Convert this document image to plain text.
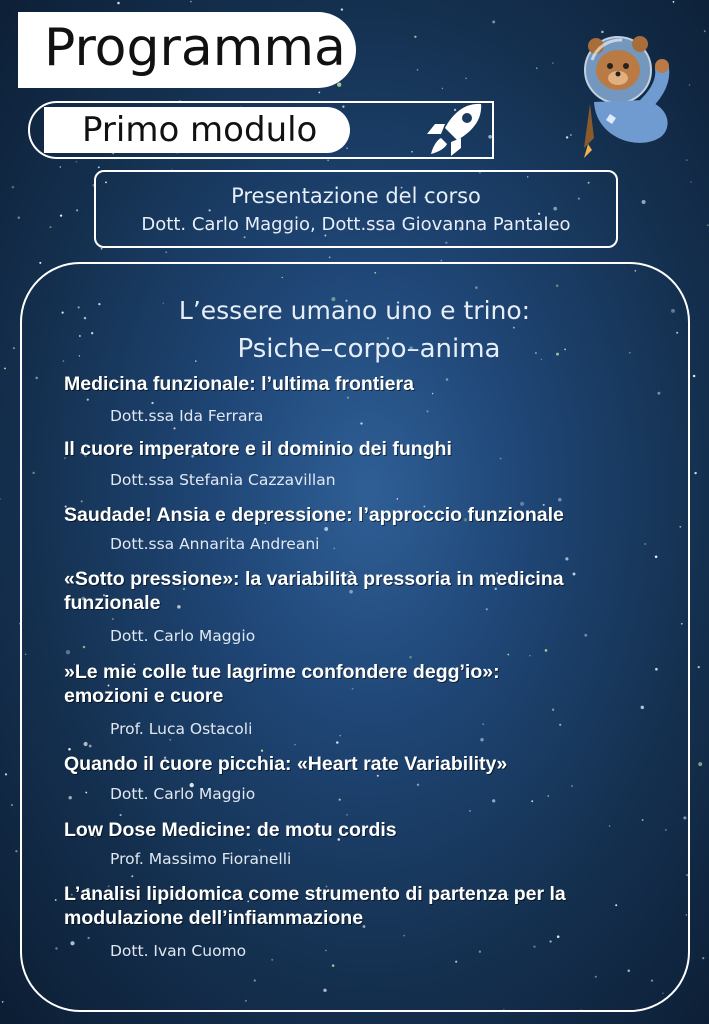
Programma
Primo modulo
Presentazione del corso
Dott. Carlo Maggio, Dott.ssa Giovanna Pantaleo
L’essere umano uno e trino:
Psiche–corpo–anima
Medicina funzionale: l’ultima frontiera
Dott.ssa Ida Ferrara
Il cuore imperatore e il dominio dei funghi
Dott.ssa Stefania Cazzavillan
Saudade! Ansia e depressione: l’approccio funzionale
Dott.ssa Annarita Andreani
«Sotto pressione»: la variabilità pressoria in medicina
funzionale
Dott. Carlo Maggio
»Le mie colle tue lagrime confondere degg’io»:
emozioni e cuore
Prof. Luca Ostacoli
Quando il cuore picchia: «Heart rate Variability»
Dott. Carlo Maggio
Low Dose Medicine: de motu cordis
Prof. Massimo Fioranelli
L’analisi lipidomica come strumento di partenza per la
modulazione dell’infiammazione
Dott. Ivan Cuomo
